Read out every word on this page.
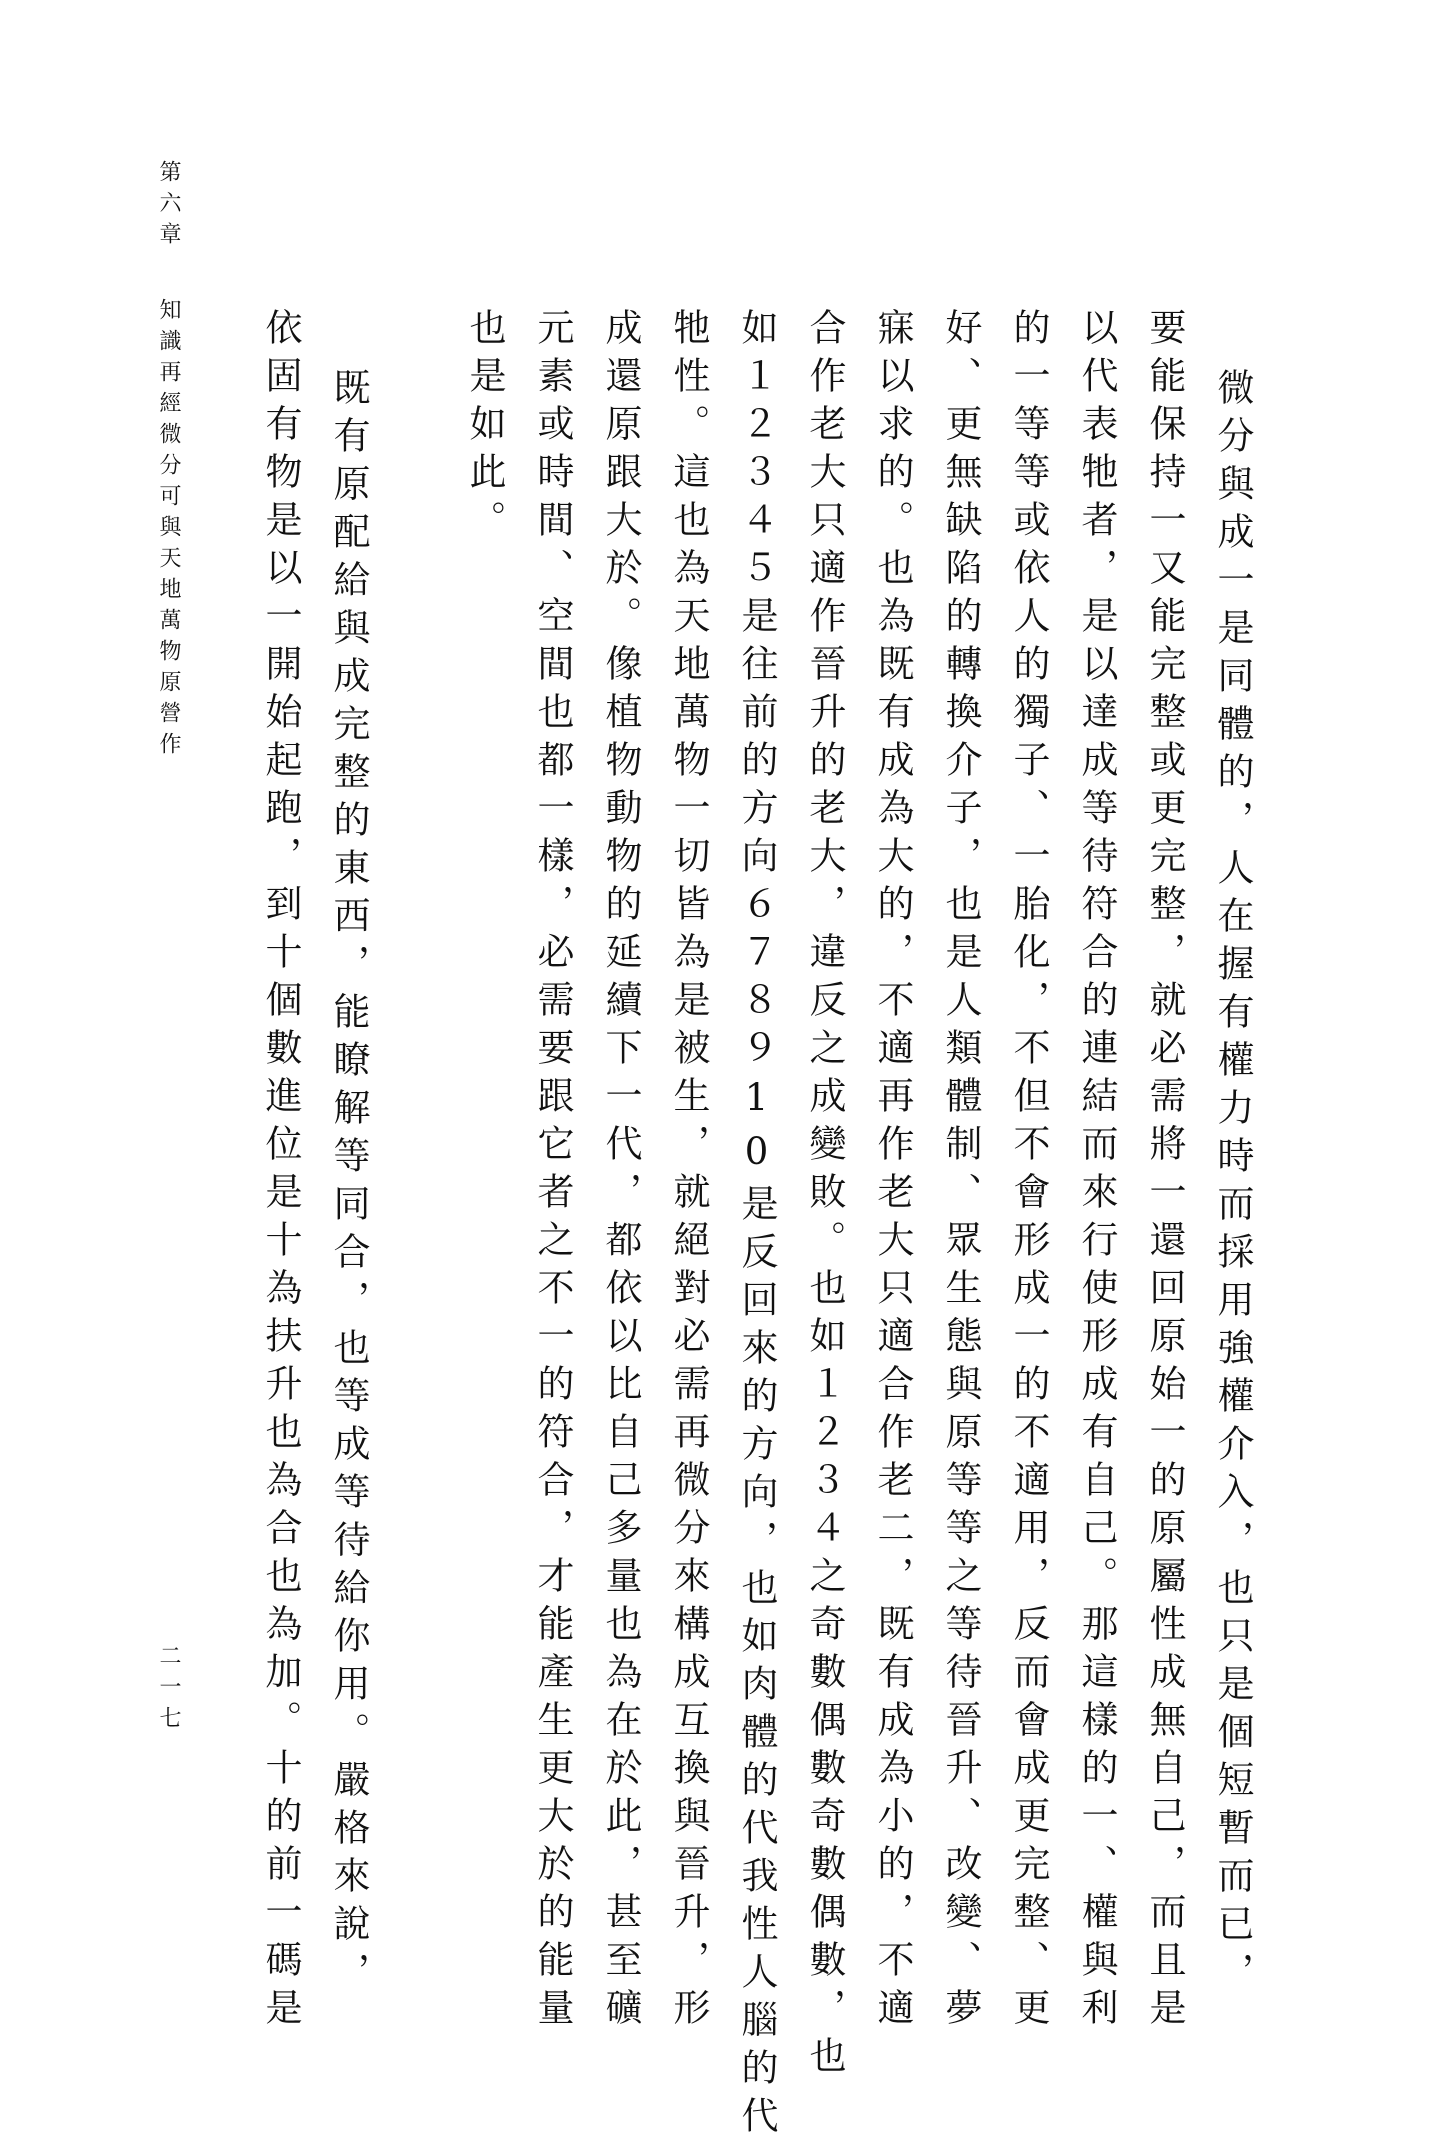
第六章
知識再經微分可與天地萬物原營作
二一七	微分與成一是同體的，人在握有權力時而採用強權介入，也只是個短暫而已，
要能保持一又能完整或更完整，就必需將一還回原始一的原屬性成無自己，而且是
以代表牠者，是以達成等待符合的連結而來行使形成有自己。那這樣的一、權與利
的一等等或依人的獨子、一胎化，不但不會形成一的不適用，反而會成更完整、更
好、更無缺陷的轉換介子，也是人類體制、眾生態與原等等之等待晉升、改變、夢
寐以求的。也為既有成為大的，不適再作老大只適合作老二，既有成為小的，不適
合作老大只適作晉升的老大，違反之成變敗。也如１２３４之奇數偶數奇數偶數，也
如１２３４５是往前的方向６７８９10是反回來的方向，也如肉體的代我性人腦的代
牠性。這也為天地萬物一切皆為是被生，就絕對必需再微分來構成互換與晉升，形
成還原跟大於。像植物動物的延續下一代，都依以比自己多量也為在於此，甚至礦
元素或時間、空間也都一樣，必需要跟它者之不一的符合，才能產生更大於的能量
也是如此。
既有原配給與成完整的東西，能瞭解等同合，也等成等待給你用。嚴格來說，
依固有物是以一開始起跑，到十個數進位是十為扶升也為合也為加。十的前一碼是
